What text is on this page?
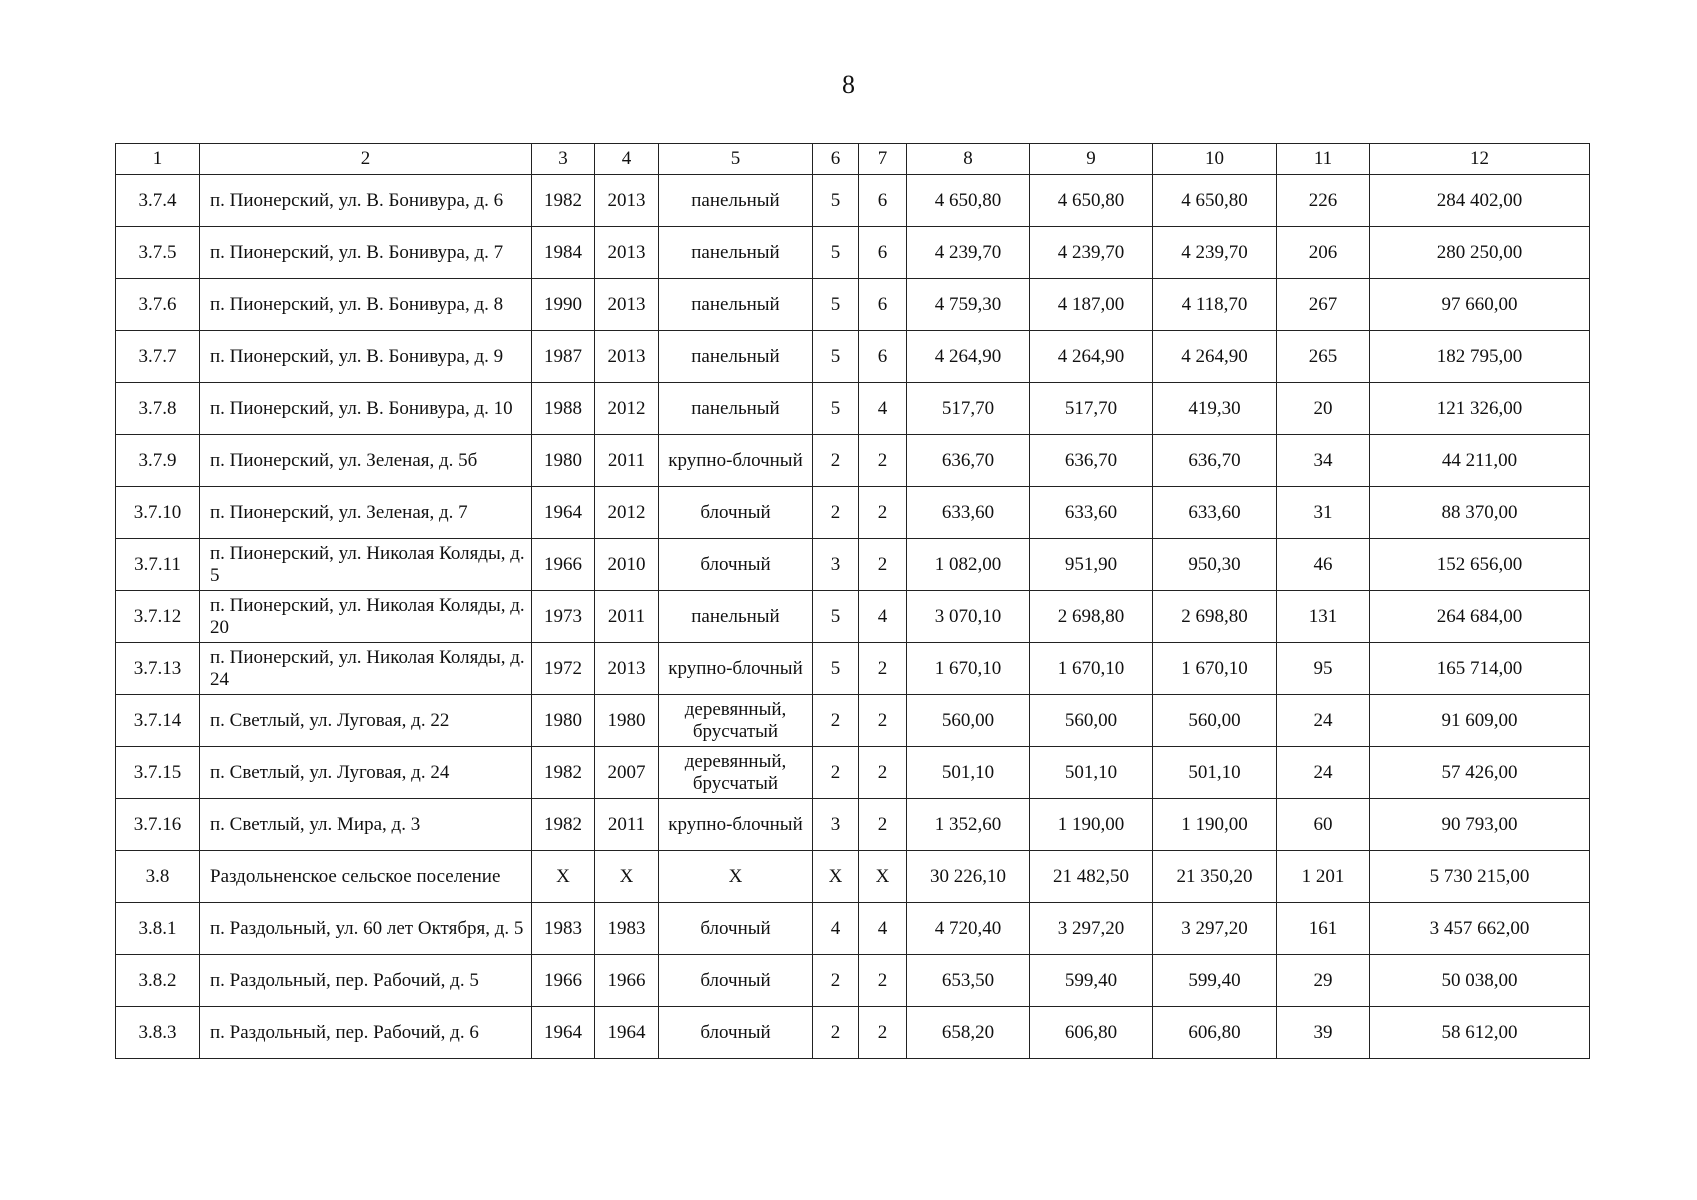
8
1	2	3	4	5	6	7	8	9	10	11	12
3.7.4	п. Пионерский, ул. В. Бонивура, д. 6	1982	2013	панельный	5	6	4 650,80	4 650,80	4 650,80	226	284 402,00
3.7.5	п. Пионерский, ул. В. Бонивура, д. 7	1984	2013	панельный	5	6	4 239,70	4 239,70	4 239,70	206	280 250,00
3.7.6	п. Пионерский, ул. В. Бонивура, д. 8	1990	2013	панельный	5	6	4 759,30	4 187,00	4 118,70	267	97 660,00
3.7.7	п. Пионерский, ул. В. Бонивура, д. 9	1987	2013	панельный	5	6	4 264,90	4 264,90	4 264,90	265	182 795,00
3.7.8	п. Пионерский, ул. В. Бонивура, д. 10	1988	2012	панельный	5	4	517,70	517,70	419,30	20	121 326,00
3.7.9	п. Пионерский, ул. Зеленая, д. 5б	1980	2011	крупно-блочный	2	2	636,70	636,70	636,70	34	44 211,00
3.7.10	п. Пионерский, ул. Зеленая, д. 7	1964	2012	блочный	2	2	633,60	633,60	633,60	31	88 370,00
3.7.11	п. Пионерский, ул. Николая Коляды, д. 5	1966	2010	блочный	3	2	1 082,00	951,90	950,30	46	152 656,00
3.7.12	п. Пионерский, ул. Николая Коляды, д. 20	1973	2011	панельный	5	4	3 070,10	2 698,80	2 698,80	131	264 684,00
3.7.13	п. Пионерский, ул. Николая Коляды, д. 24	1972	2013	крупно-блочный	5	2	1 670,10	1 670,10	1 670,10	95	165 714,00
3.7.14	п. Светлый, ул. Луговая, д. 22	1980	1980	деревянный, брусчатый	2	2	560,00	560,00	560,00	24	91 609,00
3.7.15	п. Светлый, ул. Луговая, д. 24	1982	2007	деревянный, брусчатый	2	2	501,10	501,10	501,10	24	57 426,00
3.7.16	п. Светлый, ул. Мира, д. 3	1982	2011	крупно-блочный	3	2	1 352,60	1 190,00	1 190,00	60	90 793,00
3.8	Раздольненское сельское поселение	Х	Х	Х	Х	Х	30 226,10	21 482,50	21 350,20	1 201	5 730 215,00
3.8.1	п. Раздольный, ул. 60 лет Октября, д. 5	1983	1983	блочный	4	4	4 720,40	3 297,20	3 297,20	161	3 457 662,00
3.8.2	п. Раздольный, пер. Рабочий, д. 5	1966	1966	блочный	2	2	653,50	599,40	599,40	29	50 038,00
3.8.3	п. Раздольный, пер. Рабочий, д. 6	1964	1964	блочный	2	2	658,20	606,80	606,80	39	58 612,00
